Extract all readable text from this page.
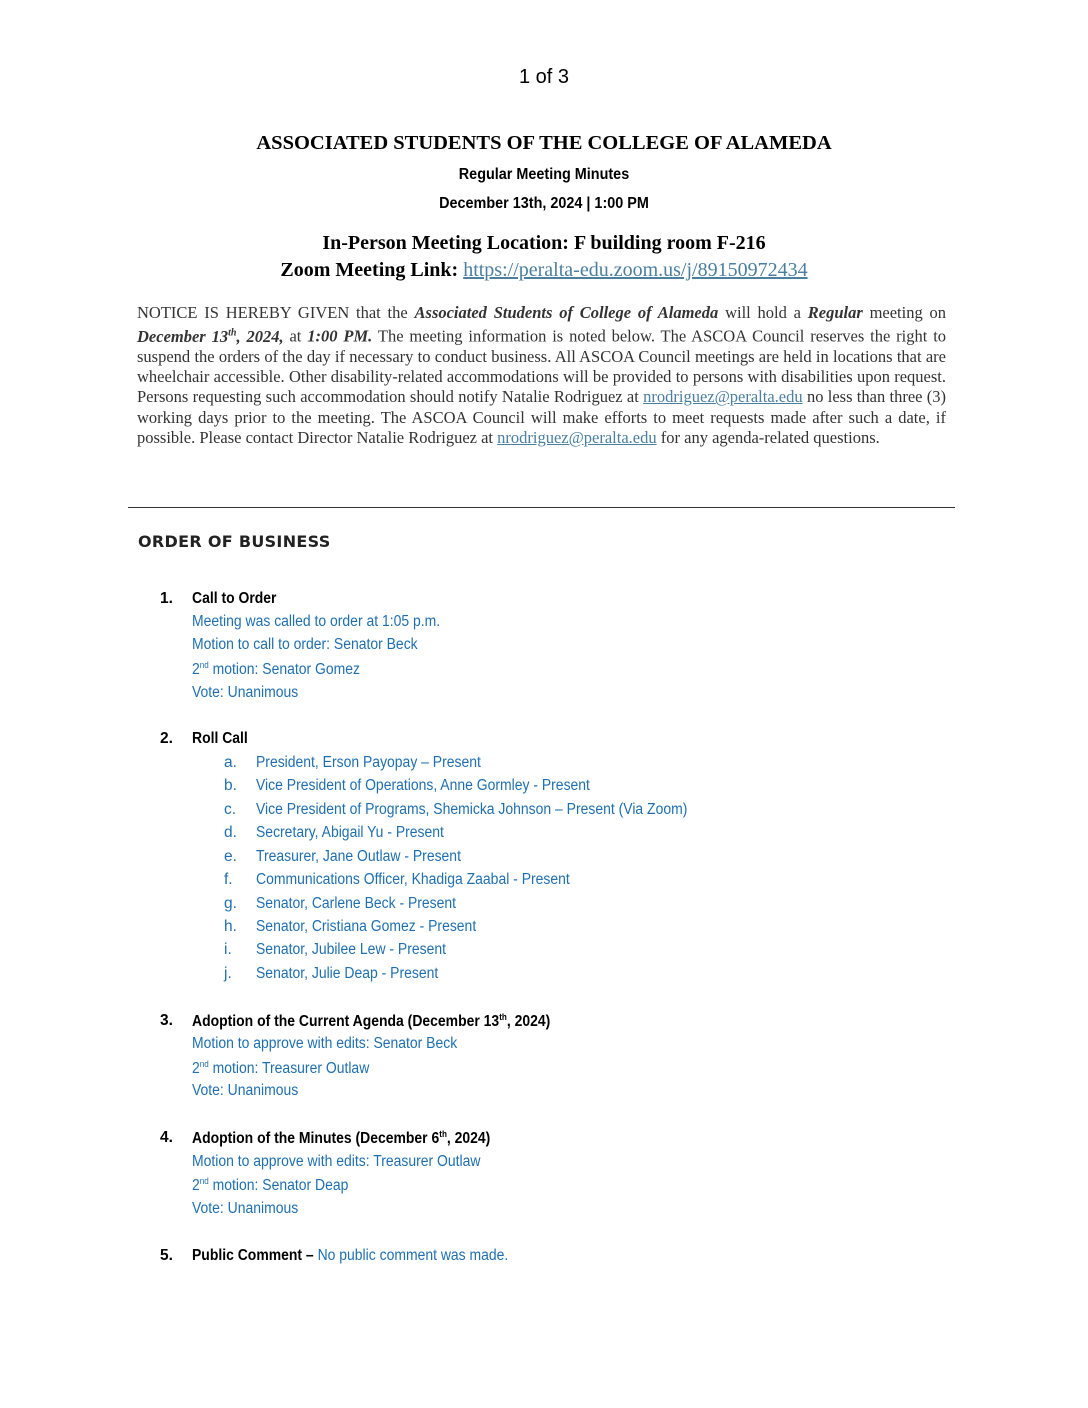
1 of 3
ASSOCIATED STUDENTS OF THE COLLEGE OF ALAMEDA
Regular Meeting Minutes
December 13th, 2024 | 1:00 PM
In-Person Meeting Location: F building room F-216
Zoom Meeting Link: https://peralta-edu.zoom.us/j/89150972434
NOTICE IS HEREBY GIVEN that the Associated Students of College of Alameda will hold a Regular meeting on December 13th, 2024, at 1:00 PM. The meeting information is noted below. The ASCOA Council reserves the right to suspend the orders of the day if necessary to conduct business. All ASCOA Council meetings are held in locations that are wheelchair accessible. Other disability-related accommodations will be provided to persons with disabilities upon request. Persons requesting such accommodation should notify Natalie Rodriguez at nrodriguez@peralta.edu no less than three (3) working days prior to the meeting. The ASCOA Council will make efforts to meet requests made after such a date, if possible. Please contact Director Natalie Rodriguez at nrodriguez@peralta.edu for any agenda-related questions.
ORDER OF BUSINESS
1. Call to Order
Meeting was called to order at 1:05 p.m.
Motion to call to order: Senator Beck
2nd motion: Senator Gomez
Vote: Unanimous
2. Roll Call
a. President, Erson Payopay – Present
b. Vice President of Operations, Anne Gormley - Present
c. Vice President of Programs, Shemicka Johnson – Present (Via Zoom)
d. Secretary, Abigail Yu - Present
e. Treasurer, Jane Outlaw - Present
f. Communications Officer, Khadiga Zaabal - Present
g. Senator, Carlene Beck - Present
h. Senator, Cristiana Gomez - Present
i. Senator, Jubilee Lew - Present
j. Senator, Julie Deap - Present
3. Adoption of the Current Agenda (December 13th, 2024)
Motion to approve with edits: Senator Beck
2nd motion: Treasurer Outlaw
Vote: Unanimous
4. Adoption of the Minutes (December 6th, 2024)
Motion to approve with edits: Treasurer Outlaw
2nd motion: Senator Deap
Vote: Unanimous
5. Public Comment – No public comment was made.
